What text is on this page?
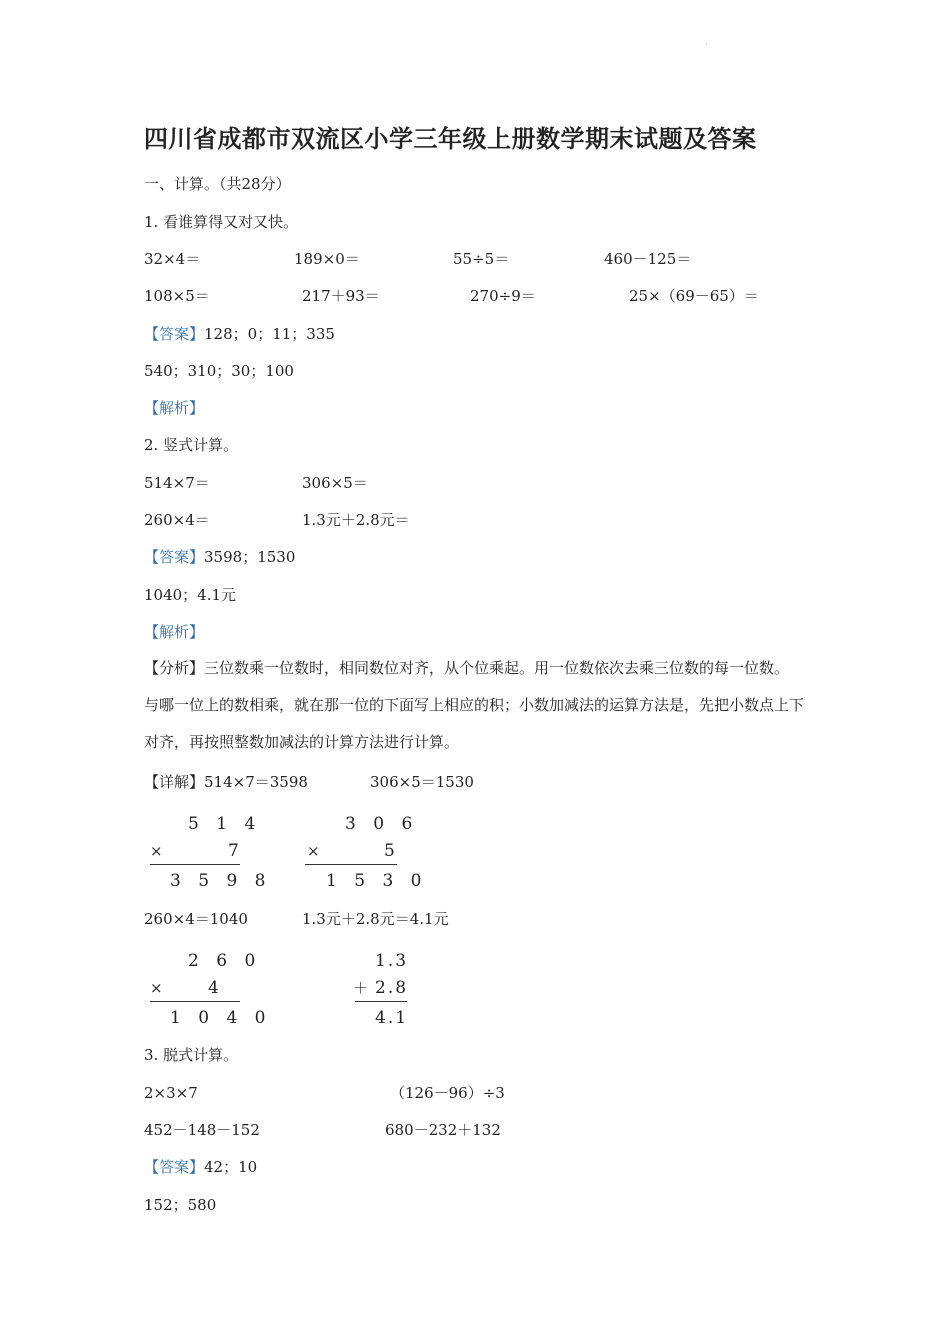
·
四川省成都市双流区小学三年级上册数学期末试题及答案
一、计算。（共28分）
1. 看谁算得又对又快。
32×4＝	189×0＝	55÷5＝	460－125＝
108×5＝	217＋93＝	270÷9＝	25×（69－65）＝
【答案】128；0；11；335
540；310；30；100
【解析】
2. 竖式计算。
514×7＝	306×5＝
260×4＝	1.3元＋2.8元＝
【答案】3598；1530
1040；4.1元
【解析】
【分析】三位数乘一位数时，相同数位对齐，从个位乘起。用一位数依次去乘三位数的每一位数。与哪一位上的数相乘，就在那一位的下面写上相应的积；小数加减法的运算方法是，先把小数点上下对齐，再按照整数加减法的计算方法进行计算。
【详解】514×7＝3598	306×5＝1530
5 1 4
×	7
3 5 9 8
3 0 6
×	5
1 5 3 0
260×4＝1040	1.3元＋2.8元＝4.1元
2 6 0
× 4
1 0 4 0
1.3
＋ 2.8
4.1
3. 脱式计算。
2×3×7	（126－96）÷3
452－148－152	680－232＋132
【答案】42；10
152；580
